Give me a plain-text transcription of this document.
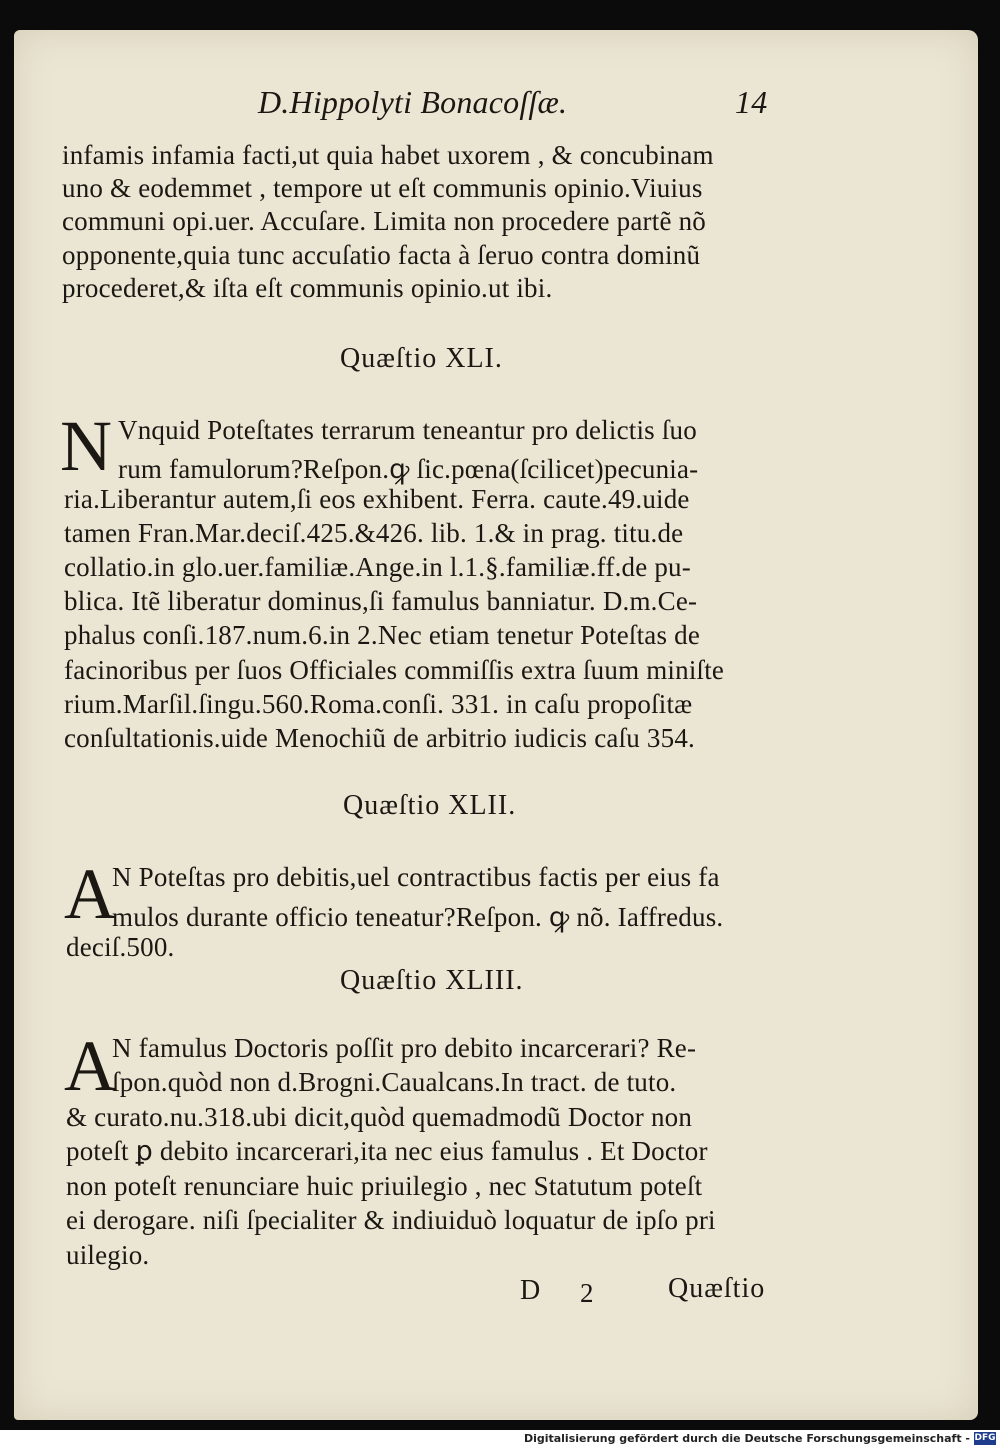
D.Hippolyti Bonacoſſæ.	14
infamis infamia facti,ut quia habet uxorem , & concubinam
uno & eodemmet , tempore ut eſt communis opinio.Viuius
communi opi.uer. Accuſare. Limita non procedere partẽ nõ
opponente,quia tunc accuſatio facta à ſeruo contra dominũ
procederet,& iſta eſt communis opinio.ut ibi.
Quæſtio XLI.
N Vnquid Poteſtates terrarum teneantur pro delictis ſuo
rum famulorum?Reſpon.ꝙ ſic.pœna(ſcilicet)pecunia-
ria.Liberantur autem,ſi eos exhibent. Ferra. caute.49.uide
tamen Fran.Mar.deciſ.425.&426. lib. 1.& in prag. titu.de
collatio.in glo.uer.familiæ.Ange.in l.1.§.familiæ.ff.de pu-
blica. Itẽ liberatur dominus,ſi famulus banniatur. D.m.Ce-
phalus conſi.187.num.6.in 2.Nec etiam tenetur Poteſtas de
facinoribus per ſuos Officiales commiſſis extra ſuum miniſte
rium.Marſil.ſingu.560.Roma.conſi. 331. in caſu propoſitæ
conſultationis.uide Menochiũ de arbitrio iudicis caſu 354.
Quæſtio XLII.
A
N Poteſtas pro debitis,uel contractibus factis per eius fa
mulos durante officio teneatur?Reſpon. ꝙ nõ. Iaffredus.
deciſ.500.
Quæſtio XLIII.
A
N famulus Doctoris poſſit pro debito incarcerari? Re-
ſpon.quòd non d.Brogni.Caualcans.In tract. de tuto.
& curato.nu.318.ubi dicit,quòd quemadmodũ Doctor non
poteſt ꝑ debito incarcerari,ita nec eius famulus . Et Doctor
non poteſt renunciare huic priuilegio , nec Statutum poteſt
ei derogare. niſi ſpecialiter & indiuiduò loquatur de ipſo pri
uilegio.
D 2	Quæſtio
Digitalisierung gefördert durch die Deutsche Forschungsgemeinschaft - DFG
